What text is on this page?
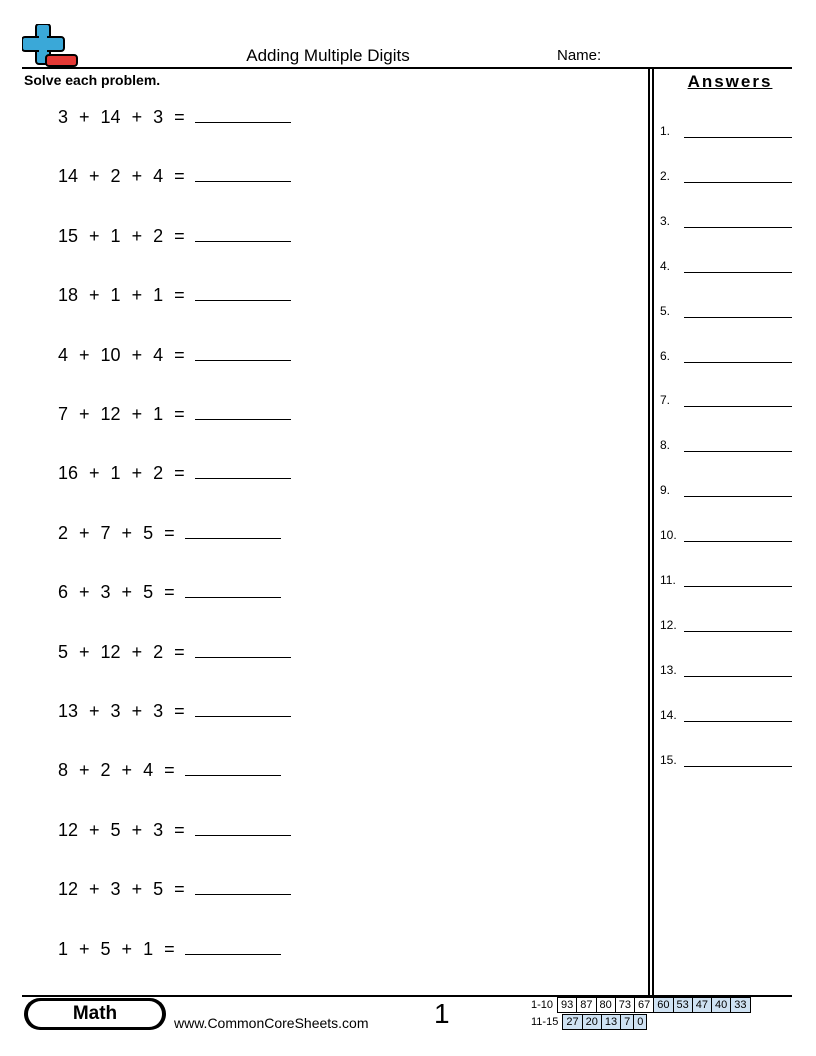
Adding Multiple Digits	Name:
Solve each problem.
3 + 14 + 3 =
14 + 2 + 4 =
15 + 1 + 2 =
18 + 1 + 1 =
4 + 10 + 4 =
7 + 12 + 1 =
16 + 1 + 2 =
2 + 7 + 5 =
6 + 3 + 5 =
5 + 12 + 2 =
13 + 3 + 3 =
8 + 2 + 4 =
12 + 5 + 3 =
12 + 3 + 5 =
1 + 5 + 1 =
Answers
1.
2.
3.
4.
5.
6.
7.
8.
9.
10.
11.
12.
13.
14.
15.
Math	www.CommonCoreSheets.com 1	1-10	93	87	80	73	67	60	53	47	40	33
11-15	27	20	13	7	0
